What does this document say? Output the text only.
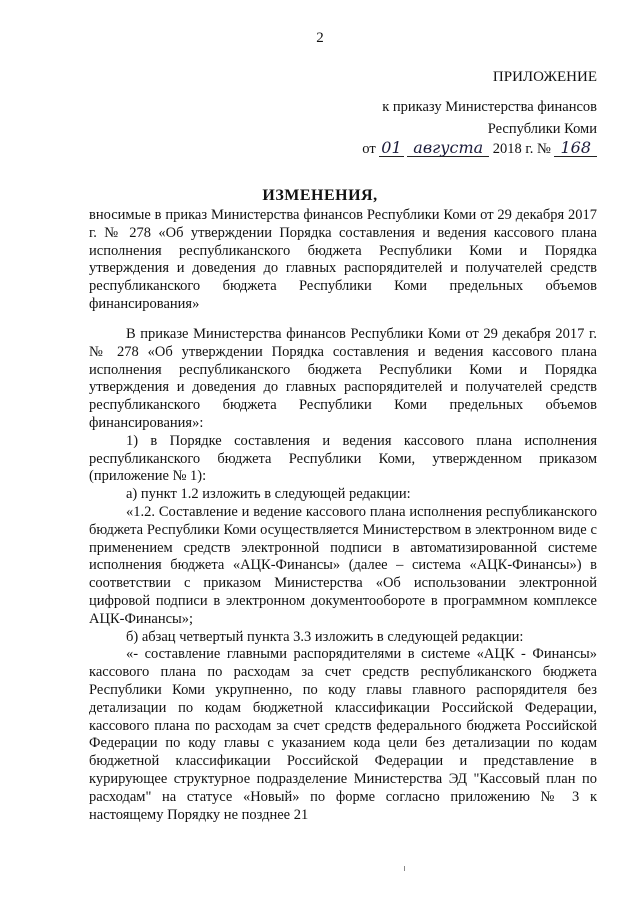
2
ПРИЛОЖЕНИЕ
к приказу Министерства финансов
Республики Коми
от 01 августа 2018 г. № 168
ИЗМЕНЕНИЯ,

вносимые в приказ Министерства финансов Республики Коми от 29 декабря 2017 г. № 278 «Об утверждении Порядка составления и ведения кассового плана исполнения республиканского бюджета Республики Коми и Порядка утверждения и доведения до главных распорядителей и получателей средств республиканского бюджета Республики Коми предельных объемов финансирования»

В приказе Министерства финансов Республики Коми от 29 декабря 2017 г. № 278 «Об утверждении Порядка составления и ведения кассового плана исполнения республиканского бюджета Республики Коми и Порядка утверждения и доведения до главных распорядителей и получателей средств республиканского бюджета Республики Коми предельных объемов финансирования»:

1) в Порядке составления и ведения кассового плана исполнения республиканского бюджета Республики Коми, утвержденном приказом (приложение № 1):

а) пункт 1.2 изложить в следующей редакции:

«1.2. Составление и ведение кассового плана исполнения республиканского бюджета Республики Коми осуществляется Министерством в электронном виде с применением средств электронной подписи в автоматизированной системе исполнения бюджета «АЦК-Финансы» (далее – система «АЦК-Финансы») в соответствии с приказом Министерства «Об использовании электронной цифровой подписи в электронном документообороте в программном комплексе АЦК-Финансы»;

б) абзац четвертый пункта 3.3 изложить в следующей редакции:

«- составление главными распорядителями в системе «АЦК - Финансы» кассового плана по расходам за счет средств республиканского бюджета Республики Коми укрупненно, по коду главы главного распорядителя без детализации по кодам бюджетной классификации Российской Федерации, кассового плана по расходам за счет средств федерального бюджета Российской Федерации по коду главы с указанием кода цели без детализации по кодам бюджетной классификации Российской Федерации и представление в курирующее структурное подразделение Министерства ЭД "Кассовый план по расходам" на статусе «Новый» по форме согласно приложению № 3 к настоящему Порядку не позднее 21
